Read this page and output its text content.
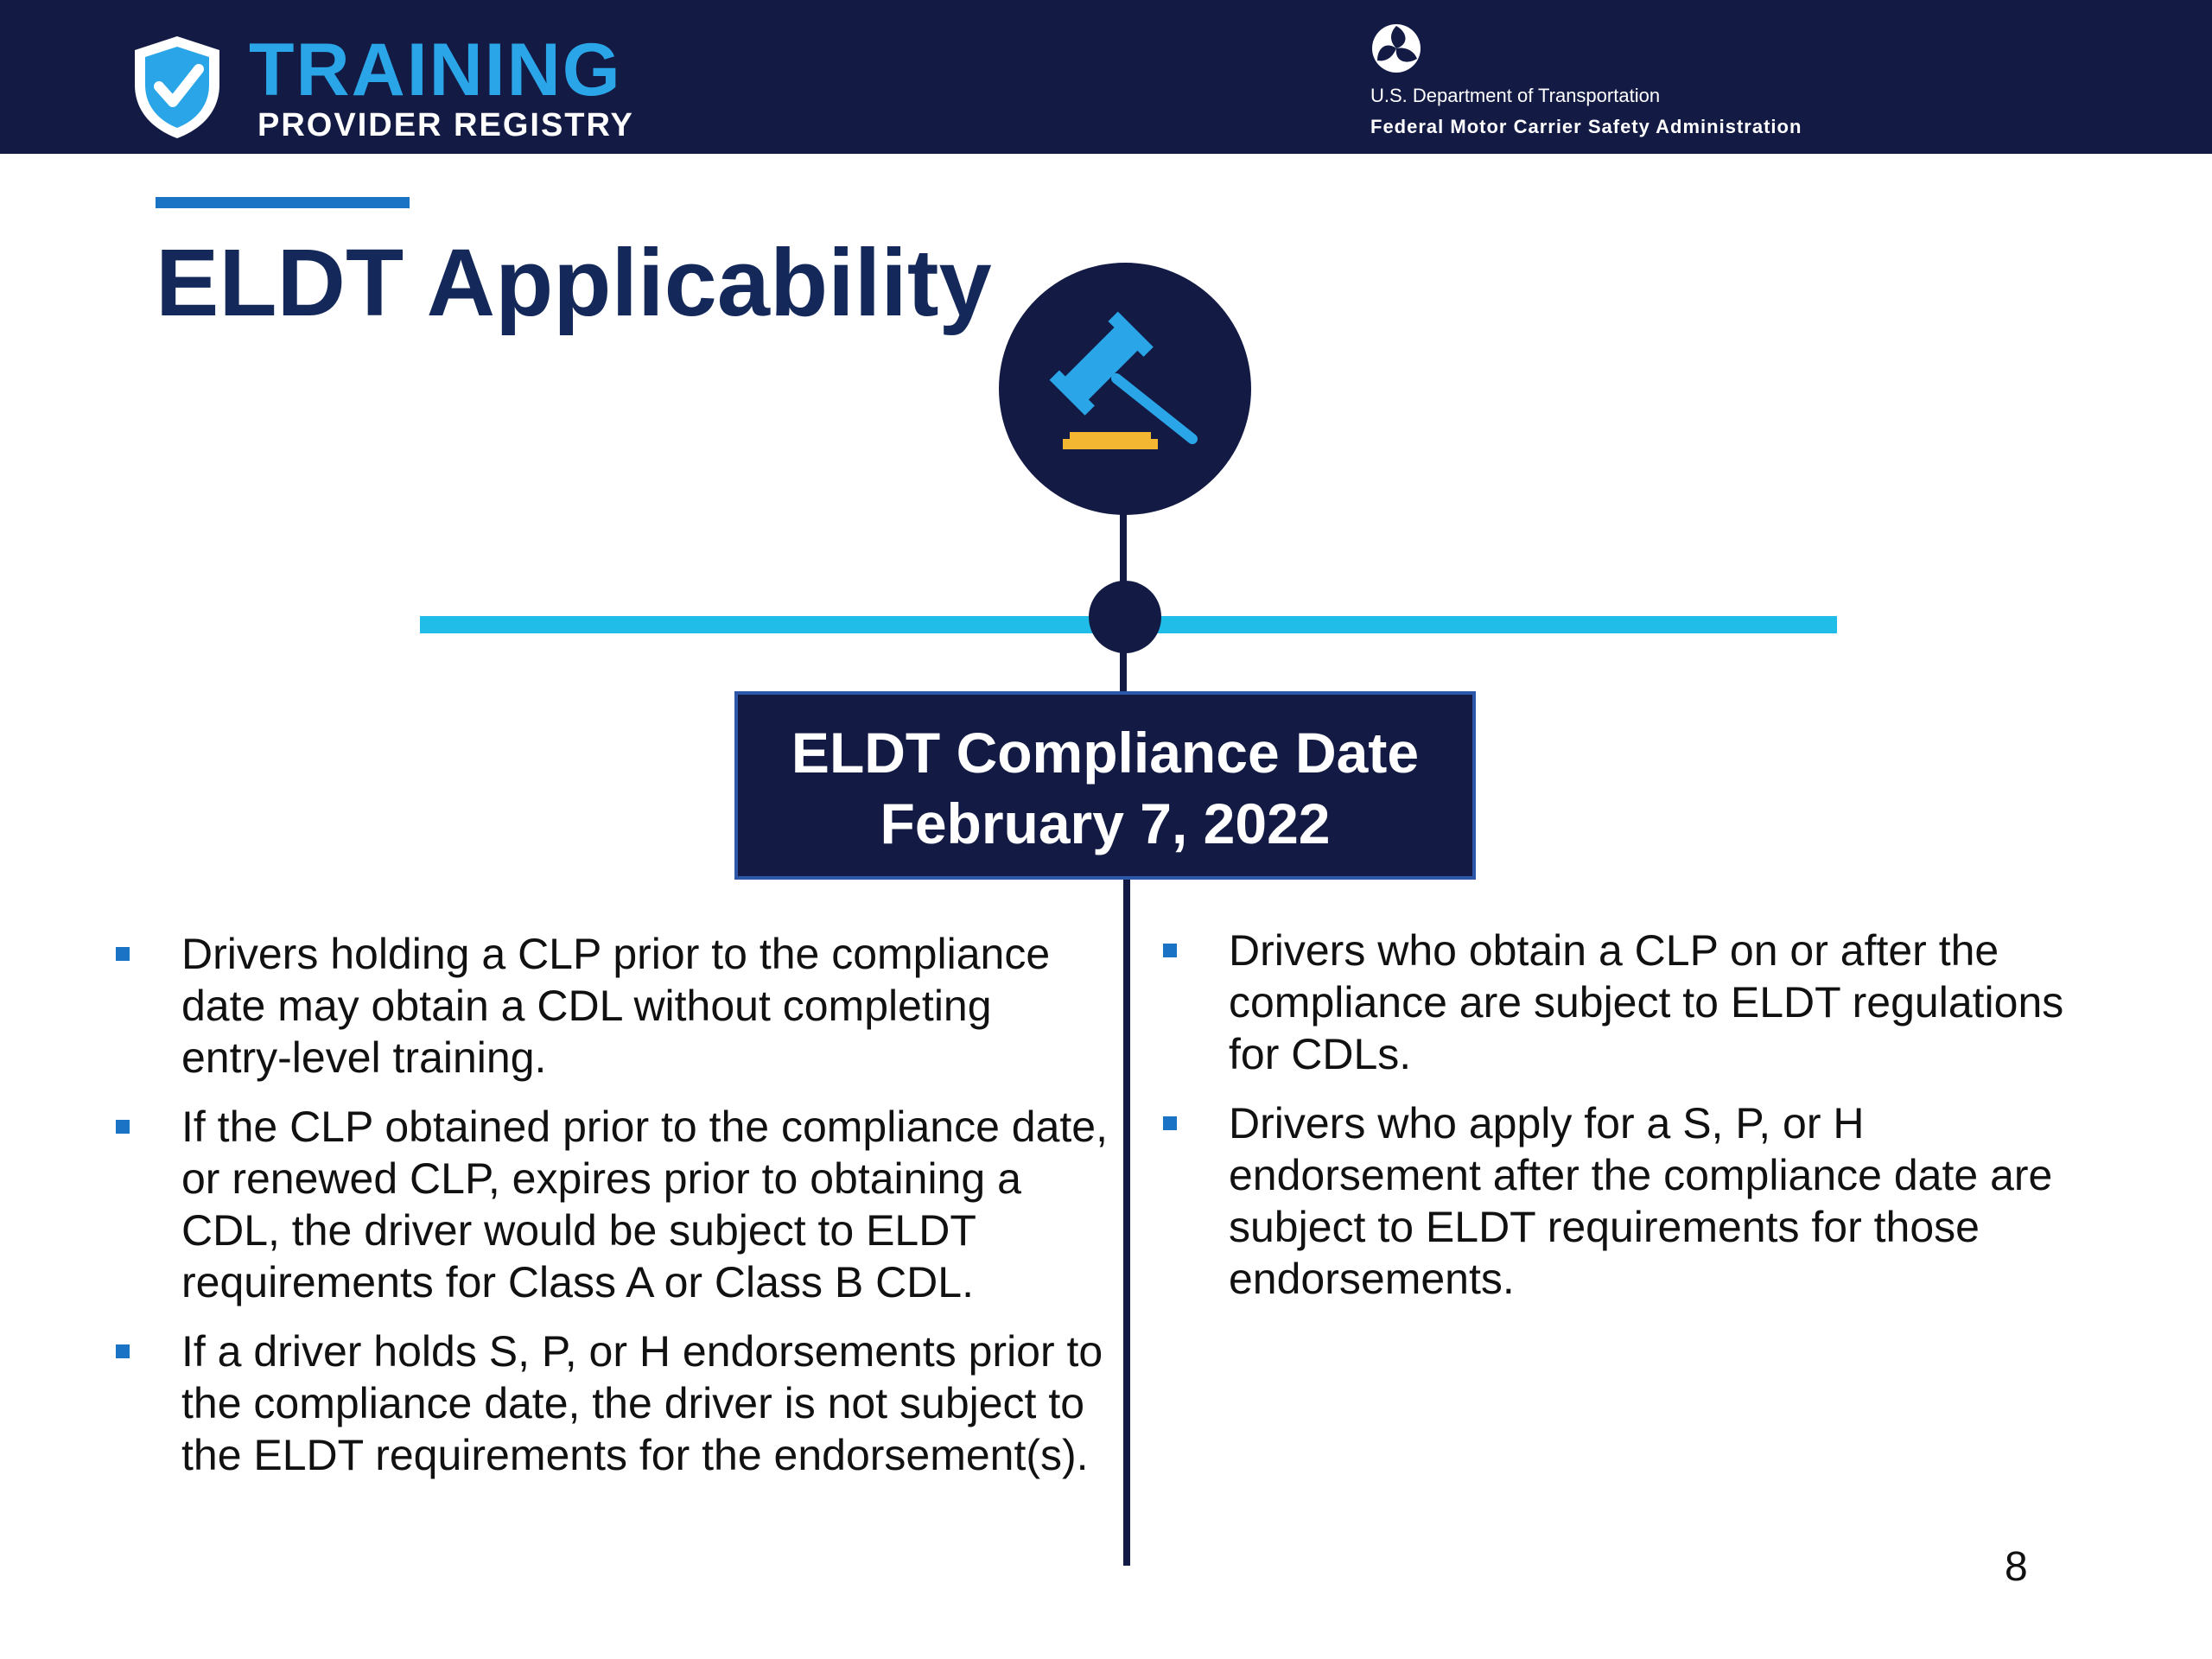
TRAINING
PROVIDER REGISTRY
U.S. Department of Transportation
Federal Motor Carrier Safety Administration
ELDT Applicability
ELDT Compliance Date
February 7, 2022
Drivers holding a CLP prior to the compliance date may obtain a CDL without completing entry-level training.
If the CLP obtained prior to the compliance date, or renewed CLP, expires prior to obtaining a CDL, the driver would be subject to ELDT requirements for Class A or Class B CDL.
If a driver holds S, P, or H endorsements prior to the compliance date, the driver is not subject to the ELDT requirements for the endorsement(s).
Drivers who obtain a CLP on or after the compliance are subject to ELDT regulations for CDLs.
Drivers who apply for a S, P, or H endorsement after the compliance date are subject to ELDT requirements for those endorsements.
8
